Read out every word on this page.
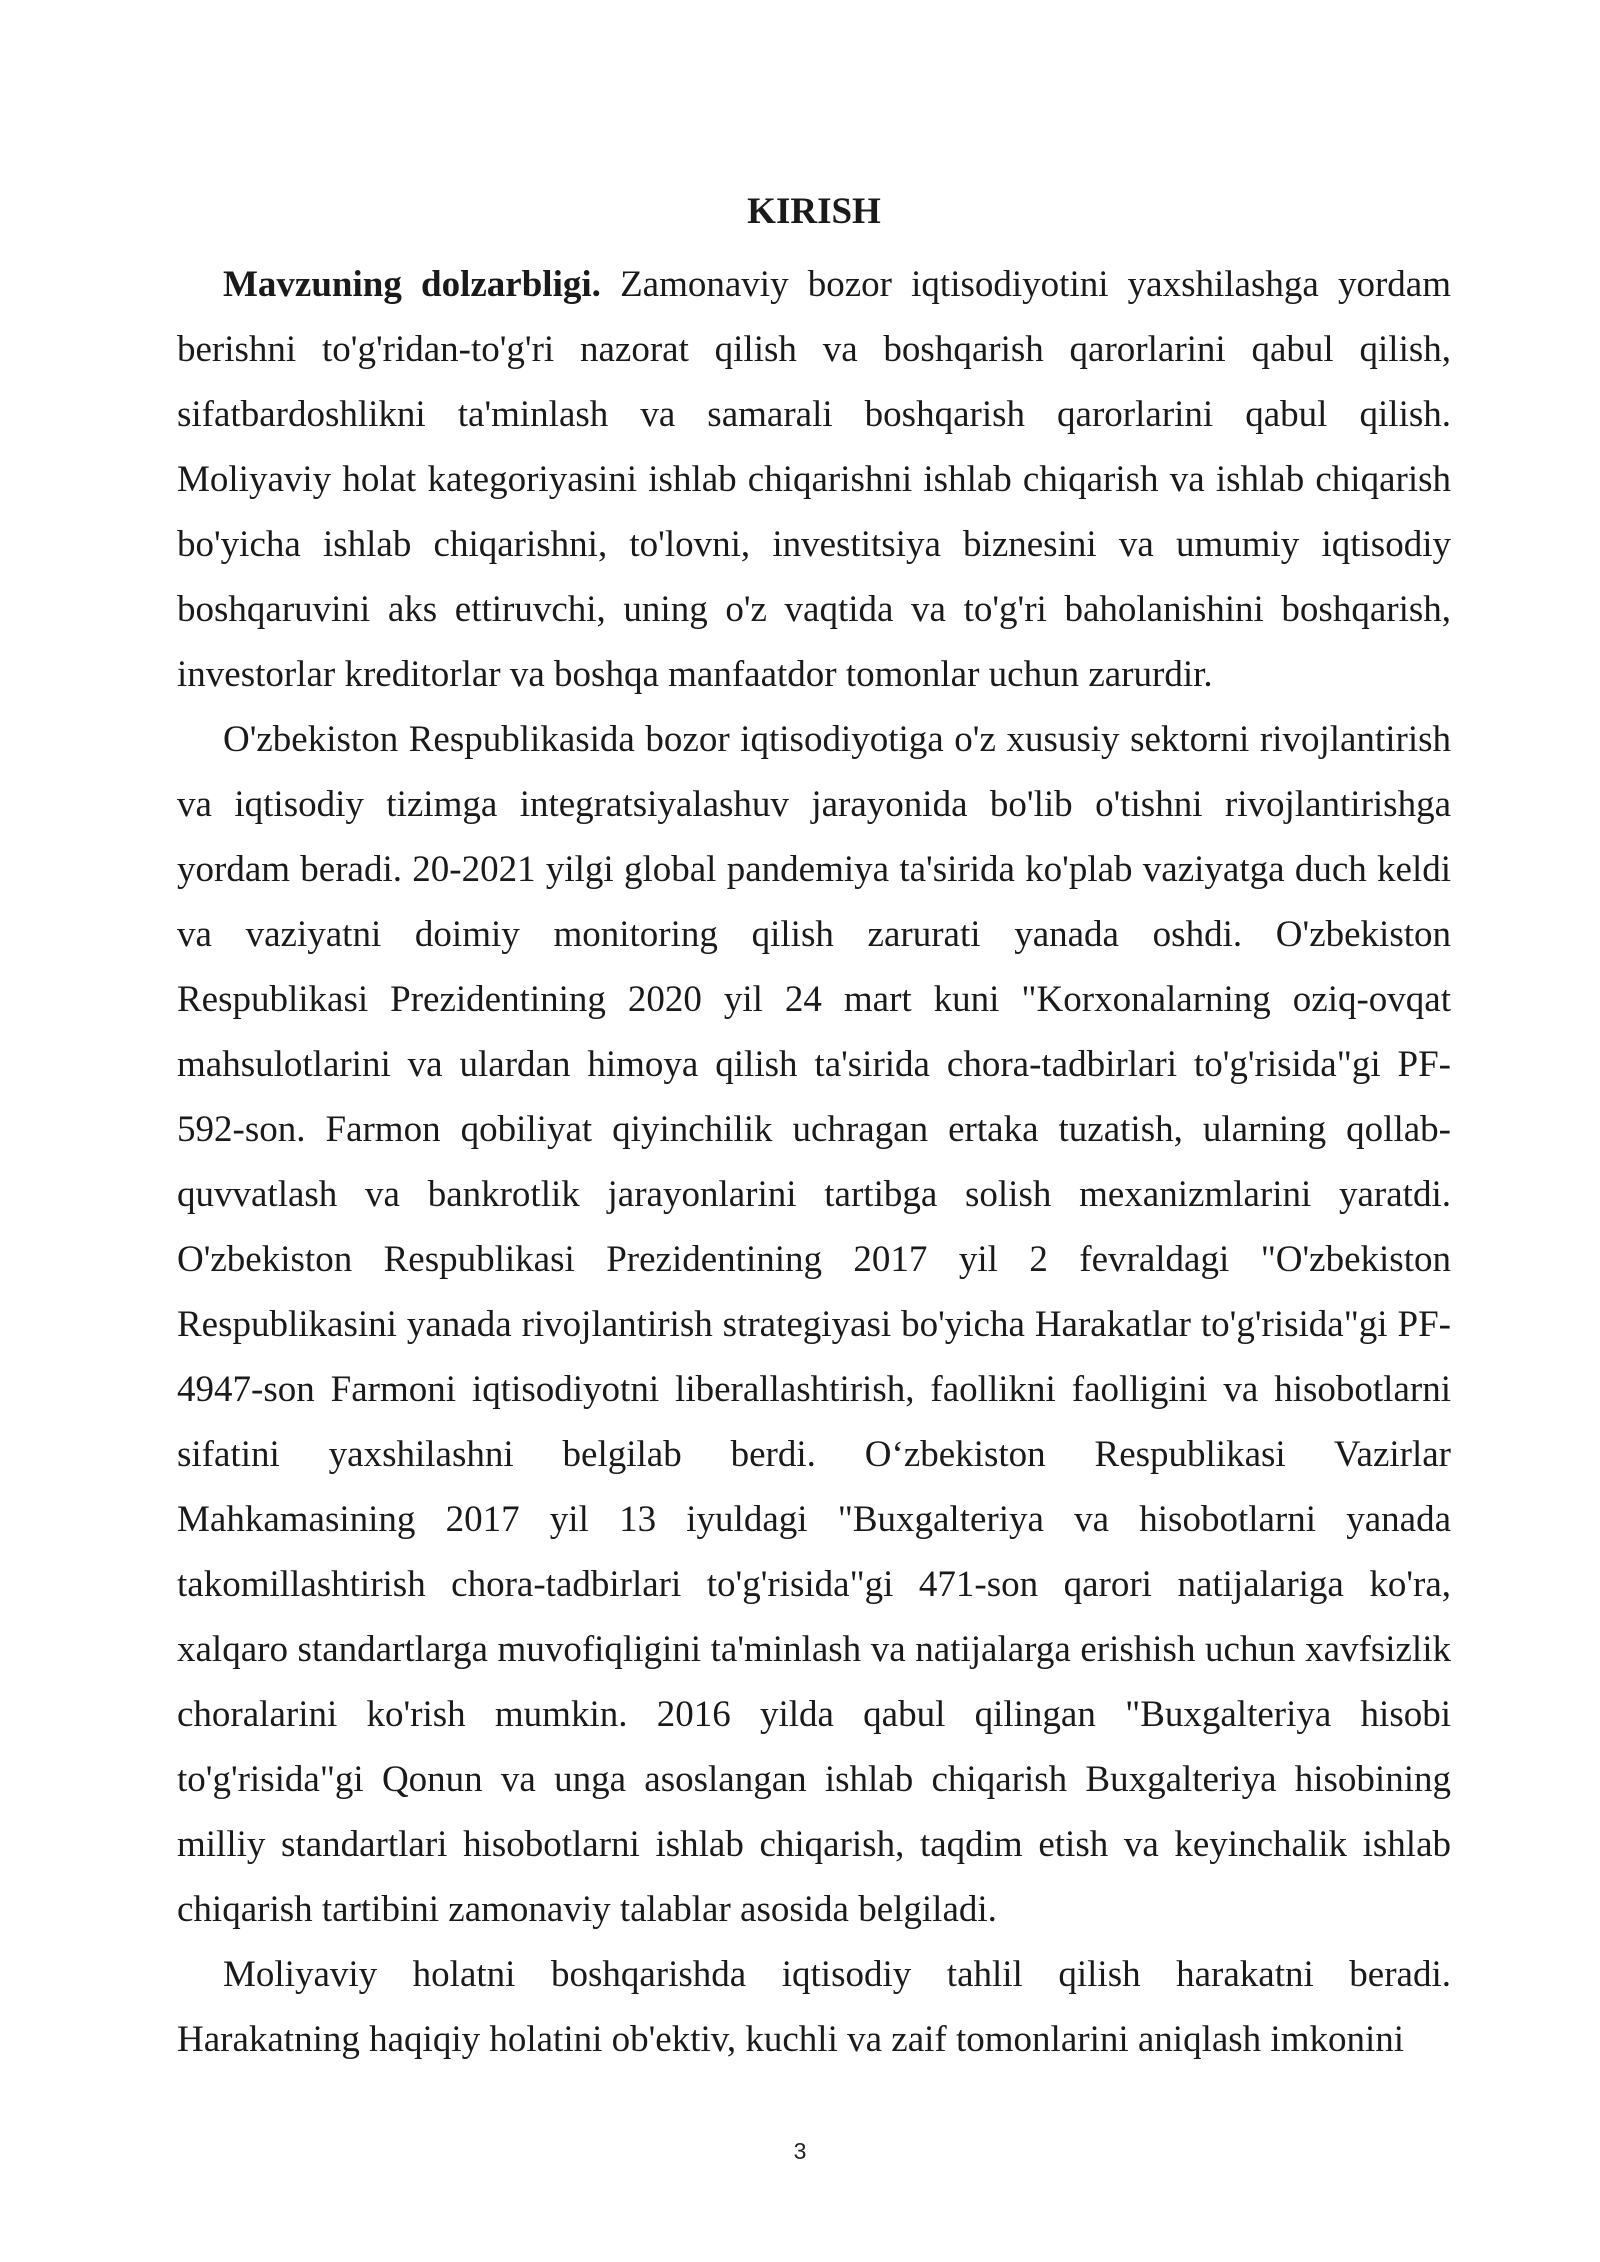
KIRISH

Mavzuning dolzarbligi. Zamonaviy bozor iqtisodiyotini yaxshilashga yordam berishni to'g'ridan-to'g'ri nazorat qilish va boshqarish qarorlarini qabul qilish, sifatbardoshlikni ta'minlash va samarali boshqarish qarorlarini qabul qilish. Moliyaviy holat kategoriyasini ishlab chiqarishni ishlab chiqarish va ishlab chiqarish bo'yicha ishlab chiqarishni, to'lovni, investitsiya biznesini va umumiy iqtisodiy boshqaruvini aks ettiruvchi, uning o'z vaqtida va to'g'ri baholanishini boshqarish, investorlar kreditorlar va boshqa manfaatdor tomonlar uchun zarurdir.

O'zbekiston Respublikasida bozor iqtisodiyotiga o'z xususiy sektorni rivojlantirish va iqtisodiy tizimga integratsiyalashuv jarayonida bo'lib o'tishni rivojlantirishga yordam beradi. 20-2021 yilgi global pandemiya ta'sirida ko'plab vaziyatga duch keldi va vaziyatni doimiy monitoring qilish zarurati yanada oshdi. O'zbekiston Respublikasi Prezidentining 2020 yil 24 mart kuni "Korxonalarning oziq-ovqat mahsulotlarini va ulardan himoya qilish ta'sirida chora-tadbirlari to'g'risida"gi PF-592-son. Farmon qobiliyat qiyinchilik uchragan ertaka tuzatish, ularning qollab-quvvatlash va bankrotlik jarayonlarini tartibga solish mexanizmlarini yaratdi. O'zbekiston Respublikasi Prezidentining 2017 yil 2 fevraldagi "O'zbekiston Respublikasini yanada rivojlantirish strategiyasi bo'yicha Harakatlar to'g'risida"gi PF-4947-son Farmoni iqtisodiyotni liberallashtirish, faollikni faolligini va hisobotlarni sifatini yaxshilashni belgilab berdi. O‘zbekiston Respublikasi Vazirlar Mahkamasining 2017 yil 13 iyuldagi "Buxgalteriya va hisobotlarni yanada takomillashtirish chora-tadbirlari to'g'risida"gi 471-son qarori natijalariga ko'ra, xalqaro standartlarga muvofiqligini ta'minlash va natijalarga erishish uchun xavfsizlik choralarini ko'rish mumkin. 2016 yilda qabul qilingan "Buxgalteriya hisobi to'g'risida"gi Qonun va unga asoslangan ishlab chiqarish Buxgalteriya hisobining milliy standartlari hisobotlarni ishlab chiqarish, taqdim etish va keyinchalik ishlab chiqarish tartibini zamonaviy talablar asosida belgiladi.

Moliyaviy holatni boshqarishda iqtisodiy tahlil qilish harakatni beradi. Harakatning haqiqiy holatini ob'ektiv, kuchli va zaif tomonlarini aniqlash imkonini

3
